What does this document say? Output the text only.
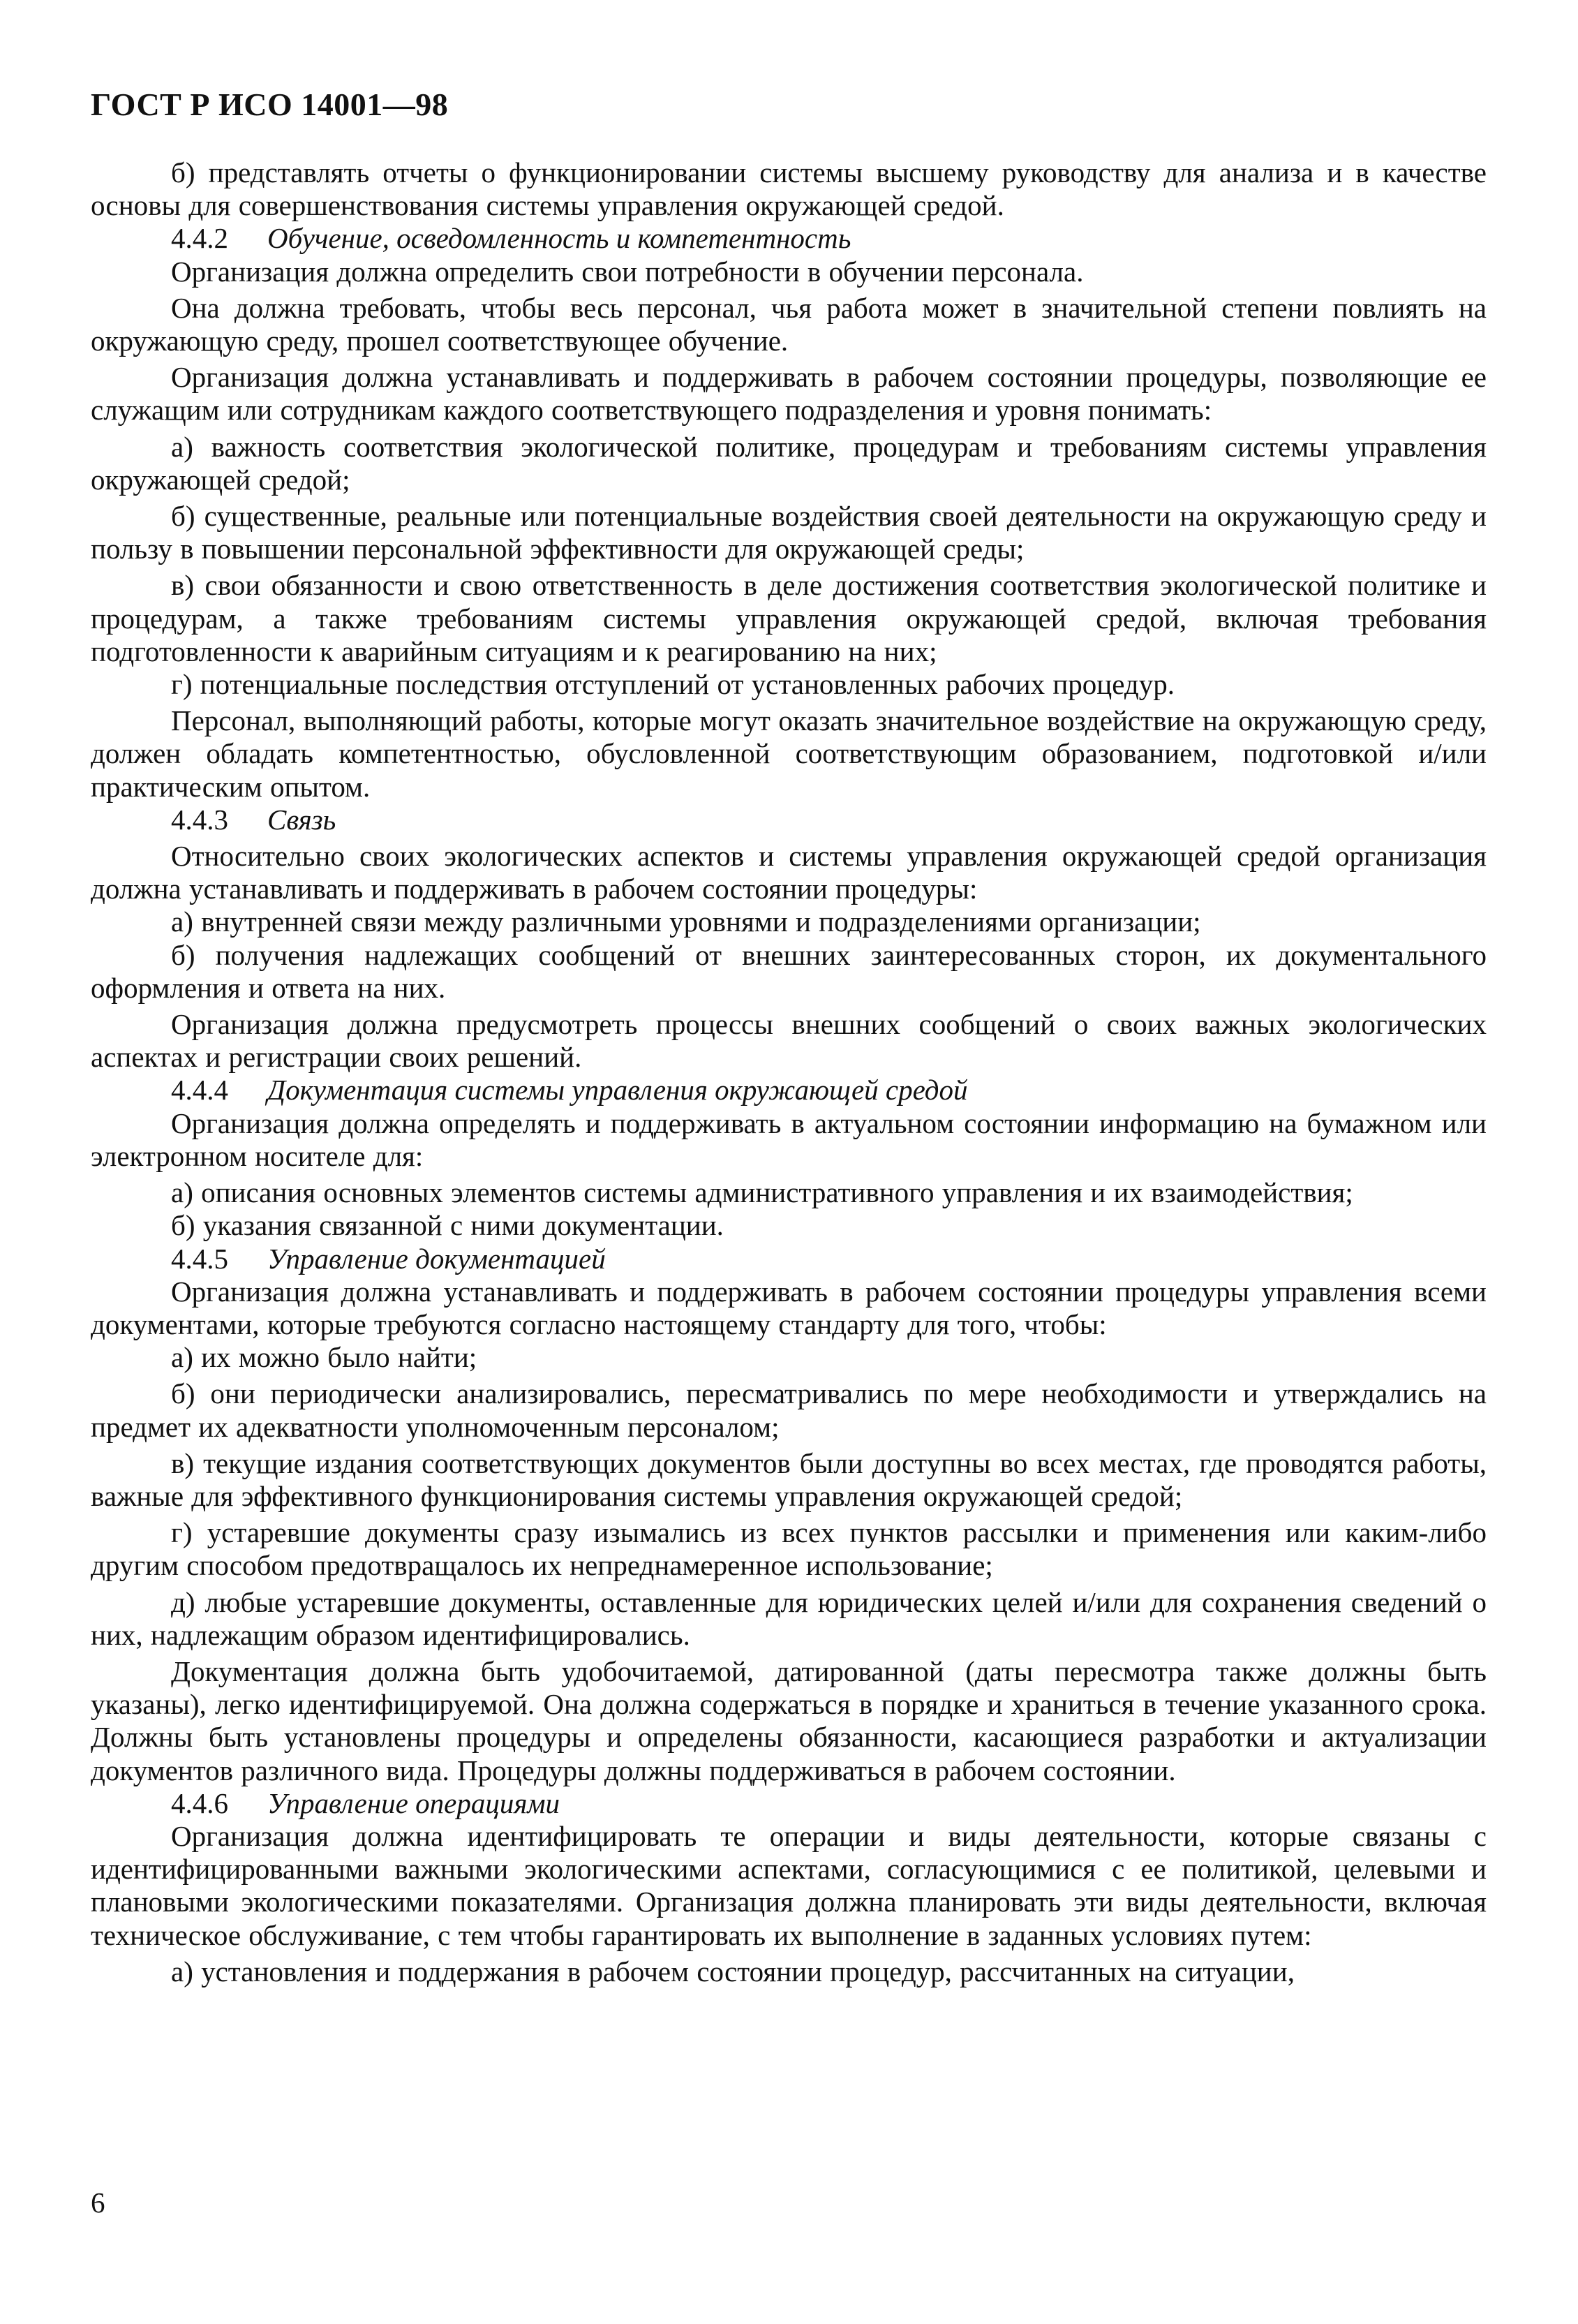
ГОСТ Р ИСО 14001—98

б) представлять отчеты о функционировании системы высшему руководству для анализа и в качестве основы для совершенствования системы управления окружающей средой.

4.4.2 Обучение, осведомленность и компетентность

Организация должна определить свои потребности в обучении персонала.

Она должна требовать, чтобы весь персонал, чья работа может в значительной степени повлиять на окружающую среду, прошел соответствующее обучение.

Организация должна устанавливать и поддерживать в рабочем состоянии процедуры, позволяющие ее служащим или сотрудникам каждого соответствующего подразделения и уровня понимать:

а) важность соответствия экологической политике, процедурам и требованиям системы управления окружающей средой;

б) существенные, реальные или потенциальные воздействия своей деятельности на окружающую среду и пользу в повышении персональной эффективности для окружающей среды;

в) свои обязанности и свою ответственность в деле достижения соответствия экологической политике и процедурам, а также требованиям системы управления окружающей средой, включая требования подготовленности к аварийным ситуациям и к реагированию на них;

г) потенциальные последствия отступлений от установленных рабочих процедур.

Персонал, выполняющий работы, которые могут оказать значительное воздействие на окружающую среду, должен обладать компетентностью, обусловленной соответствующим образованием, подготовкой и/или практическим опытом.

4.4.3 Связь

Относительно своих экологических аспектов и системы управления окружающей средой организация должна устанавливать и поддерживать в рабочем состоянии процедуры:

а) внутренней связи между различными уровнями и подразделениями организации;

б) получения надлежащих сообщений от внешних заинтересованных сторон, их документального оформления и ответа на них.

Организация должна предусмотреть процессы внешних сообщений о своих важных экологических аспектах и регистрации своих решений.

4.4.4 Документация системы управления окружающей средой

Организация должна определять и поддерживать в актуальном состоянии информацию на бумажном или электронном носителе для:

а) описания основных элементов системы административного управления и их взаимодействия;

б) указания связанной с ними документации.

4.4.5 Управление документацией

Организация должна устанавливать и поддерживать в рабочем состоянии процедуры управления всеми документами, которые требуются согласно настоящему стандарту для того, чтобы:

а) их можно было найти;

б) они периодически анализировались, пересматривались по мере необходимости и утверждались на предмет их адекватности уполномоченным персоналом;

в) текущие издания соответствующих документов были доступны во всех местах, где проводятся работы, важные для эффективного функционирования системы управления окружающей средой;

г) устаревшие документы сразу изымались из всех пунктов рассылки и применения или каким-либо другим способом предотвращалось их непреднамеренное использование;

д) любые устаревшие документы, оставленные для юридических целей и/или для сохранения сведений о них, надлежащим образом идентифицировались.

Документация должна быть удобочитаемой, датированной (даты пересмотра также должны быть указаны), легко идентифицируемой. Она должна содержаться в порядке и храниться в течение указанного срока. Должны быть установлены процедуры и определены обязанности, касающиеся разработки и актуализации документов различного вида. Процедуры должны поддерживаться в рабочем состоянии.

4.4.6 Управление операциями

Организация должна идентифицировать те операции и виды деятельности, которые связаны с идентифицированными важными экологическими аспектами, согласующимися с ее политикой, целевыми и плановыми экологическими показателями. Организация должна планировать эти виды деятельности, включая техническое обслуживание, с тем чтобы гарантировать их выполнение в заданных условиях путем:

а) установления и поддержания в рабочем состоянии процедур, рассчитанных на ситуации,

6
